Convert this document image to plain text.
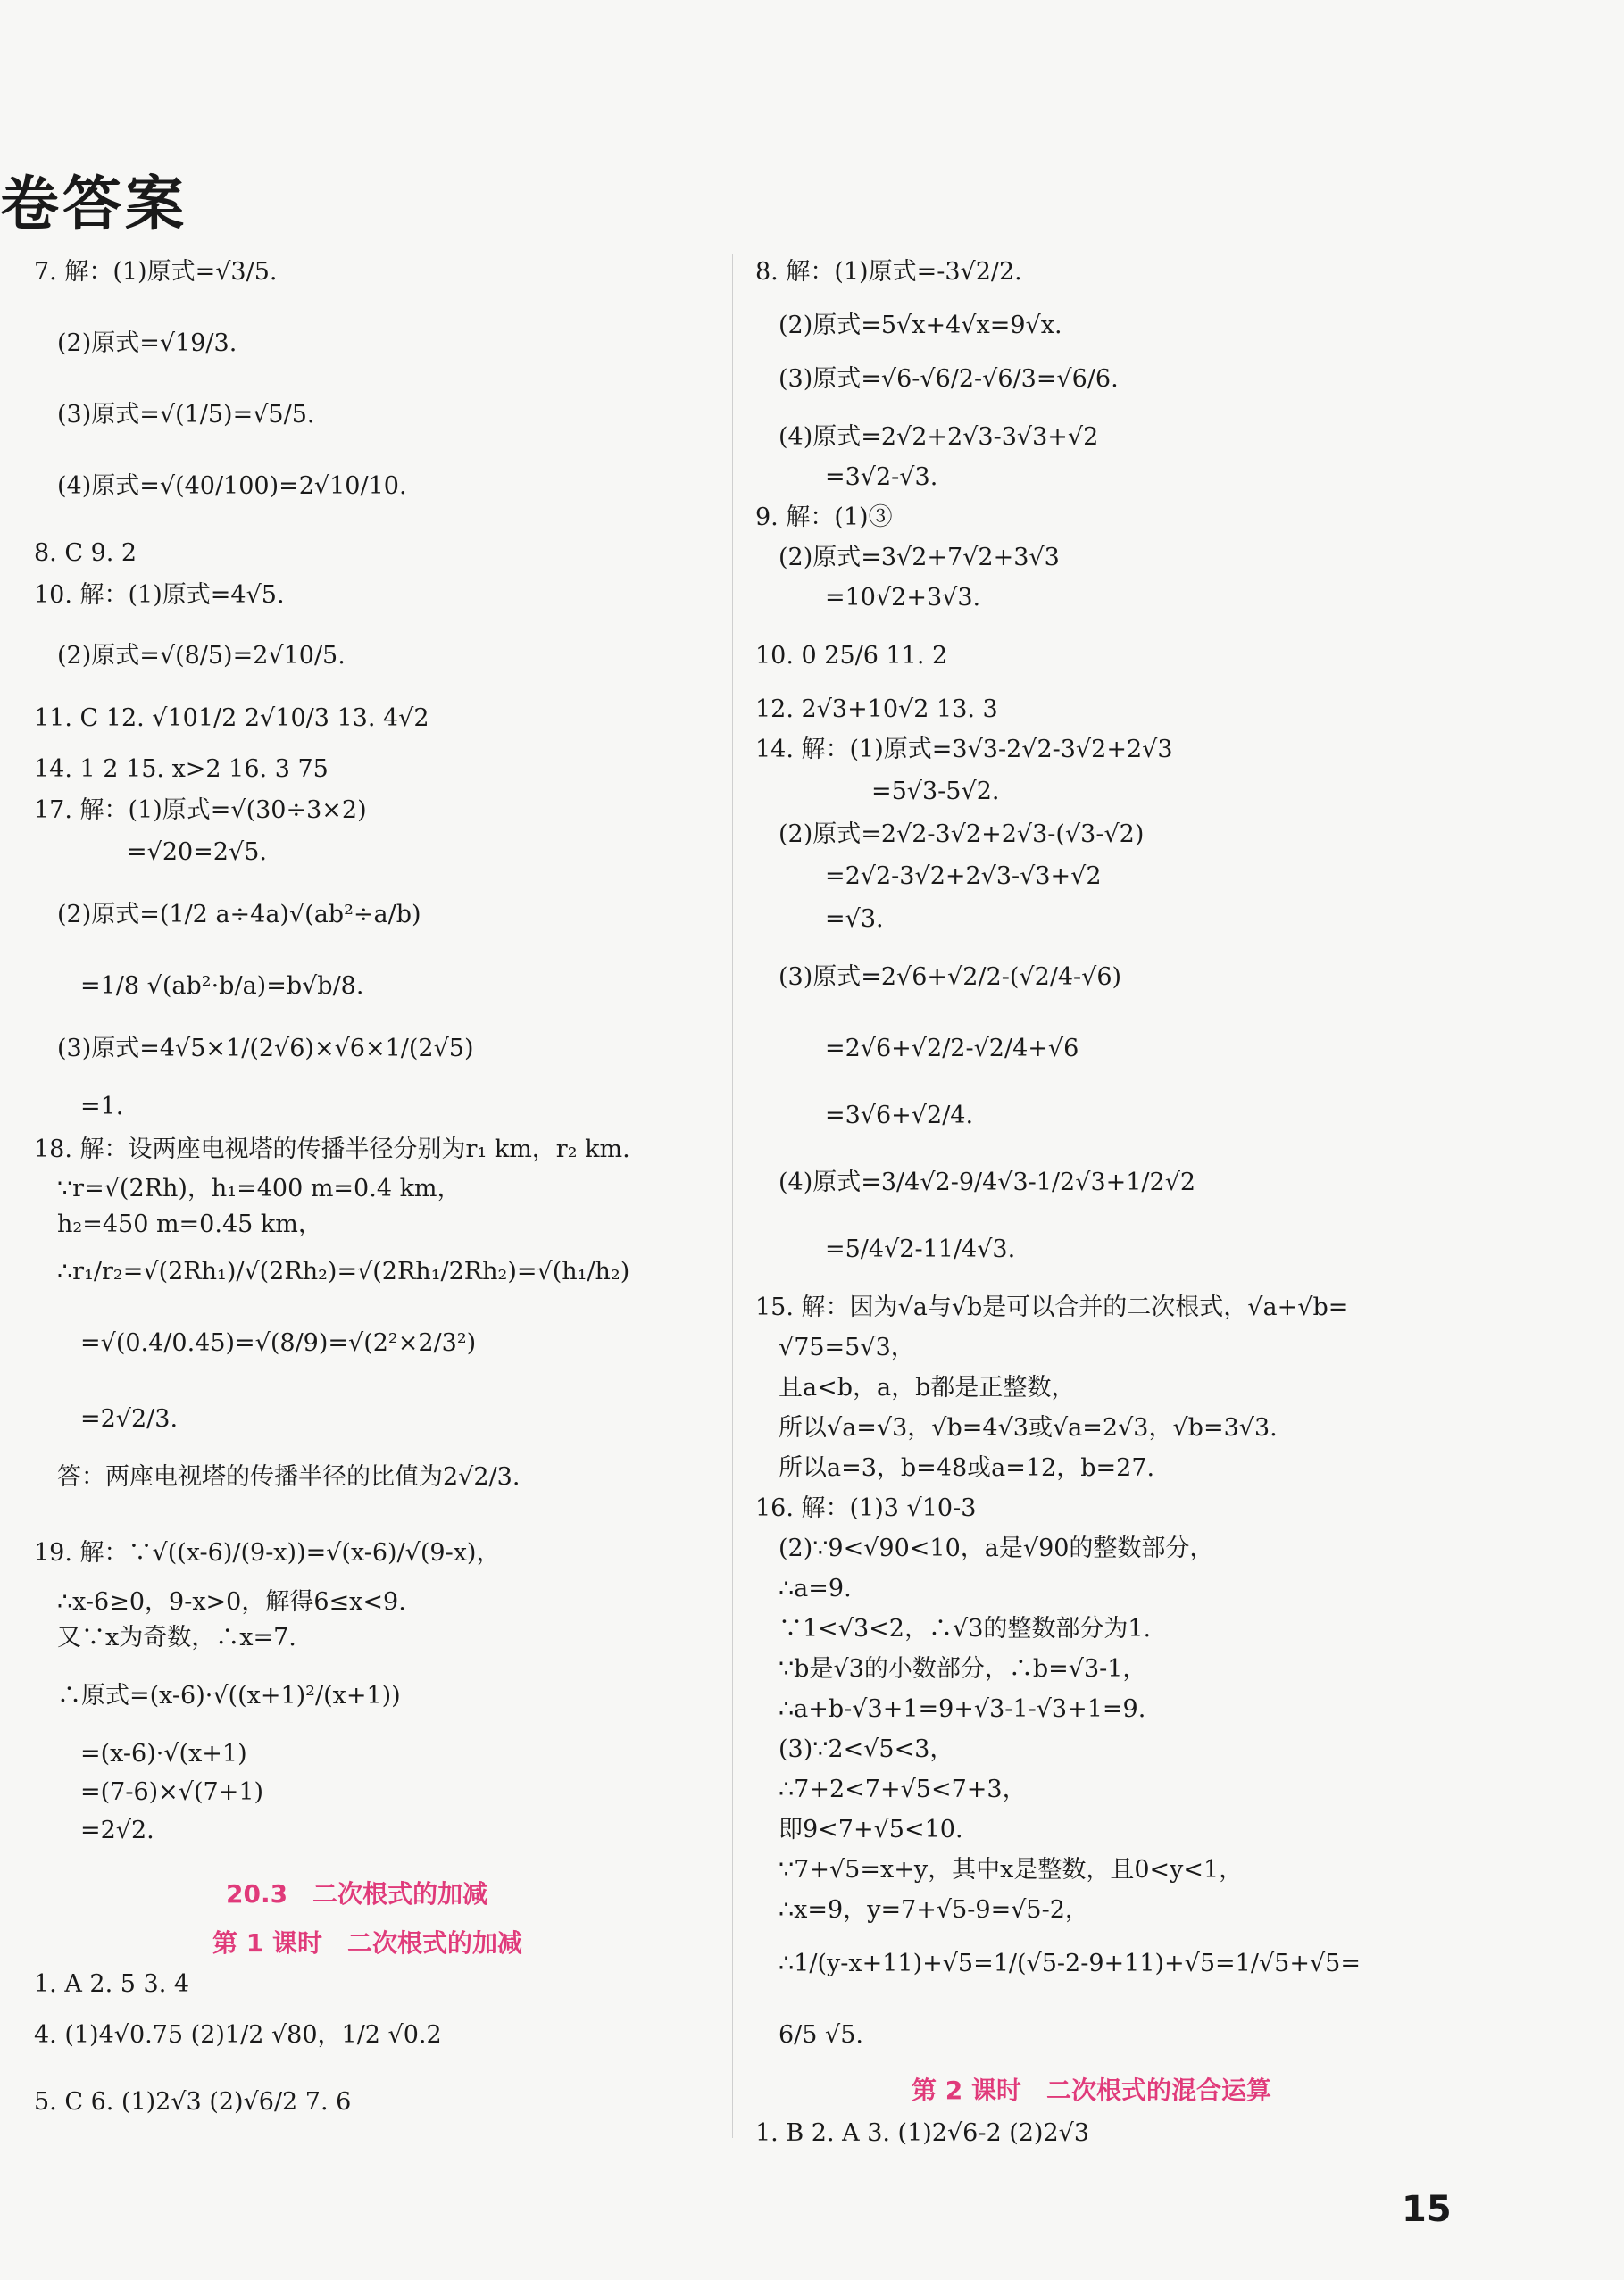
卷答案
7. 解：(1)原式=√3/5.
(2)原式=√19/3.
(3)原式=√(1/5)=√5/5.
(4)原式=√(40/100)=2√10/10.
8. C 9. 2
10. 解：(1)原式=4√5.
(2)原式=√(8/5)=2√10/5.
11. C 12. √101/2 2√10/3 13. 4√2
14. 1 2 15. x>2 16. 3 75
17. 解：(1)原式=√(30÷3×2)
=√20=2√5.
(2)原式=(1/2 a÷4a)√(ab²÷a/b)
=1/8 √(ab²·b/a)=b√b/8.
(3)原式=4√5×1/(2√6)×√6×1/(2√5)
=1.
18. 解：设两座电视塔的传播半径分别为r₁ km，r₂ km.
∵r=√(2Rh)，h₁=400 m=0.4 km，
h₂=450 m=0.45 km，
∴r₁/r₂=√(2Rh₁)/√(2Rh₂)=√(2Rh₁/2Rh₂)=√(h₁/h₂)
=√(0.4/0.45)=√(8/9)=√(2²×2/3²)
=2√2/3.
答：两座电视塔的传播半径的比值为2√2/3.
19. 解：∵√((x-6)/(9-x))=√(x-6)/√(9-x)，
∴x-6≥0，9-x>0，解得6≤x<9.
又∵x为奇数，∴x=7.
∴原式=(x-6)·√((x+1)²/(x+1))
=(x-6)·√(x+1)
=(7-6)×√(7+1)
=2√2.
1. A 2. 5 3. 4
4. (1)4√0.75 (2)1/2 √80，1/2 √0.2
5. C 6. (1)2√3 (2)√6/2 7. 6
20.3　二次根式的加减
第 1 课时　二次根式的加减
8. 解：(1)原式=-3√2/2.
(2)原式=5√x+4√x=9√x.
(3)原式=√6-√6/2-√6/3=√6/6.
(4)原式=2√2+2√3-3√3+√2
=3√2-√3.
9. 解：(1)③
(2)原式=3√2+7√2+3√3
=10√2+3√3.
10. 0 25/6 11. 2
12. 2√3+10√2 13. 3
14. 解：(1)原式=3√3-2√2-3√2+2√3
=5√3-5√2.
(2)原式=2√2-3√2+2√3-(√3-√2)
=2√2-3√2+2√3-√3+√2
=√3.
(3)原式=2√6+√2/2-(√2/4-√6)
=2√6+√2/2-√2/4+√6
=3√6+√2/4.
(4)原式=3/4√2-9/4√3-1/2√3+1/2√2
=5/4√2-11/4√3.
15. 解：因为√a与√b是可以合并的二次根式，√a+√b=
√75=5√3，
且a<b，a，b都是正整数，
所以√a=√3，√b=4√3或√a=2√3，√b=3√3.
所以a=3，b=48或a=12，b=27.
16. 解：(1)3 √10-3
(2)∵9<√90<10，a是√90的整数部分，
∴a=9.
∵1<√3<2，∴√3的整数部分为1.
∵b是√3的小数部分，∴b=√3-1，
∴a+b-√3+1=9+√3-1-√3+1=9.
(3)∵2<√5<3，
∴7+2<7+√5<7+3，
即9<7+√5<10.
∵7+√5=x+y，其中x是整数，且0<y<1，
∴x=9，y=7+√5-9=√5-2，
∴1/(y-x+11)+√5=1/(√5-2-9+11)+√5=1/√5+√5=
6/5 √5.
1. B 2. A 3. (1)2√6-2 (2)2√3
第 2 课时　二次根式的混合运算
15
